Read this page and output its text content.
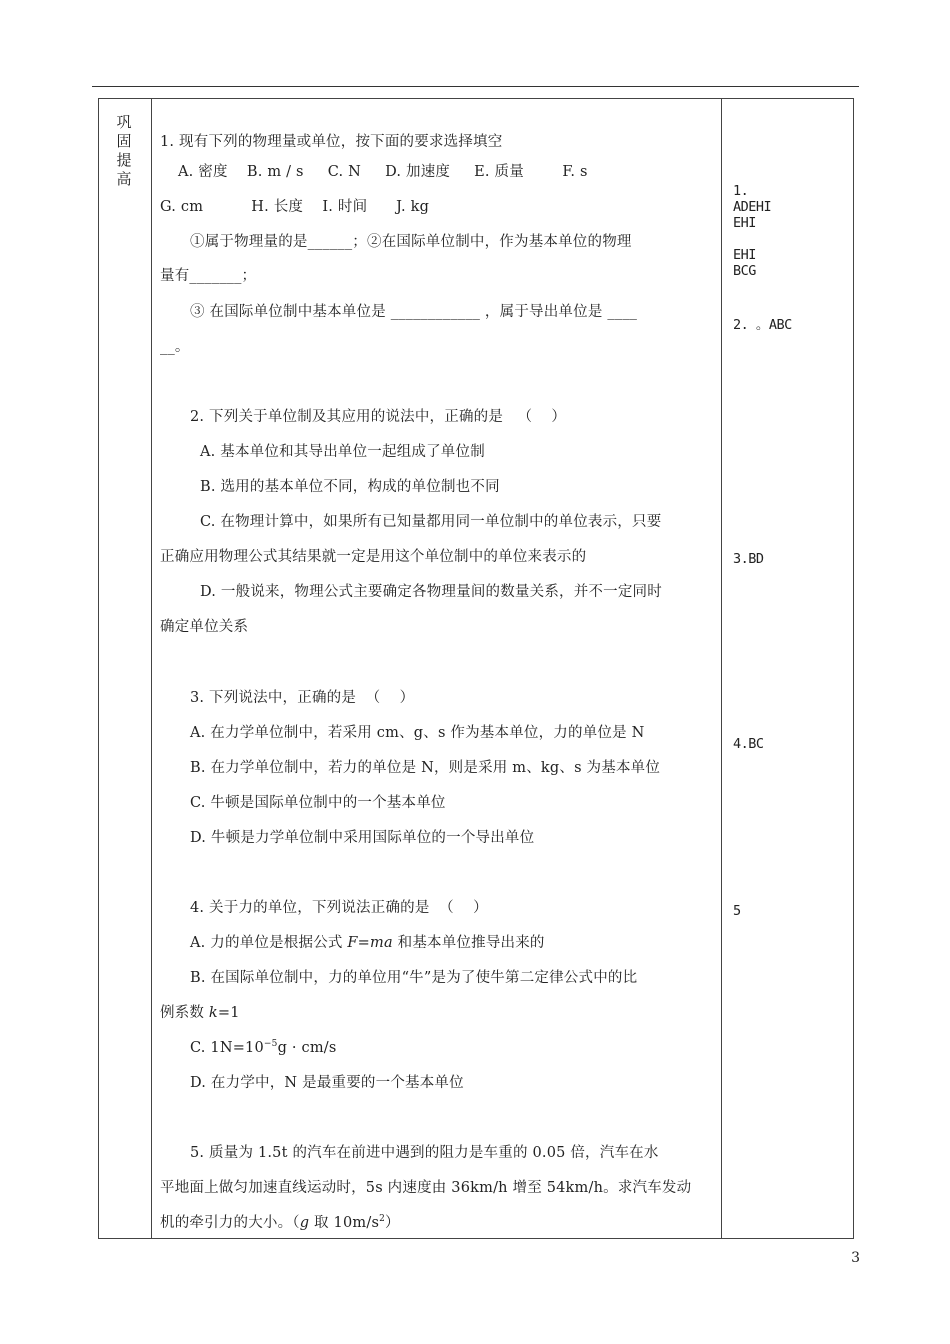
巩
固
提
高
1. 现有下列的物理量或单位，按下面的要求选择填空
A. 密度    B. m / s     C. N     D. 加速度     E. 质量        F. s
G. cm          H. 长度    I. 时间      J. kg
①属于物理量的是______；②在国际单位制中，作为基本单位的物理
量有_______；
③ 在国际单位制中基本单位是 ____________ ，属于导出单位是 ____
__。
2. 下列关于单位制及其应用的说法中，正确的是   （    ）
A. 基本单位和其导出单位一起组成了单位制
B. 选用的基本单位不同，构成的单位制也不同
C. 在物理计算中，如果所有已知量都用同一单位制中的单位表示，只要
正确应用物理公式其结果就一定是用这个单位制中的单位来表示的
D. 一般说来，物理公式主要确定各物理量间的数量关系，并不一定同时
确定单位关系
3. 下列说法中，正确的是  （    ）
A. 在力学单位制中，若采用 cm、g、s 作为基本单位，力的单位是 N
B. 在力学单位制中，若力的单位是 N，则是采用 m、kg、s 为基本单位
C. 牛顿是国际单位制中的一个基本单位
D. 牛顿是力学单位制中采用国际单位的一个导出单位
4. 关于力的单位，下列说法正确的是  （    ）
A. 力的单位是根据公式 F=ma 和基本单位推导出来的
B. 在国际单位制中，力的单位用“牛”是为了使牛第二定律公式中的比
例系数 k=1
C. $1N=10^{-5}g \cdot cm/s$
D. 在力学中，N 是最重要的一个基本单位
5. 质量为 1.5t 的汽车在前进中遇到的阻力是车重的 0.05 倍，汽车在水
平地面上做匀加速直线运动时，5s 内速度由 36km/h 增至 54km/h。求汽车发动
机的牵引力的大小。（g 取 $10m/s^2$）
1.
ADEHI
EHI

EHI
BCG
2. 。ABC
3.BD
4.BC
5
3
